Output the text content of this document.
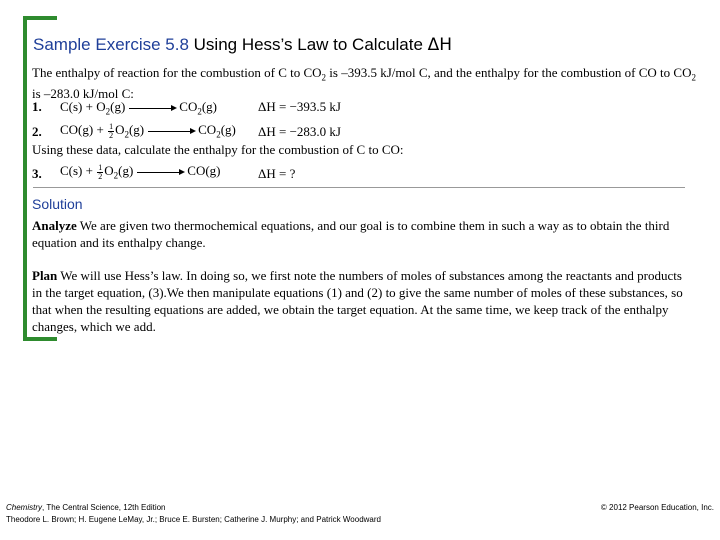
Sample Exercise 5.8 Using Hess’s Law to Calculate ΔH
The enthalpy of reaction for the combustion of C to $CO_2$ is –393.5 kJ/mol C, and the enthalpy for the combustion of CO to $CO_2$ is –283.0 kJ/mol C:
1. $C(s) + O_2(g) \to CO_2(g)$	ΔH = −393.5 kJ
2. $CO(g) + \frac{1}{2} O_2(g) \to CO_2(g) \Delta H = -283.0$ kJ
Using these data, calculate the enthalpy for the combustion of C to CO:
3. $C(s) + \frac{1}{2} O_2(g) \to CO(g)$	ΔH = ?
Solution
Analyze We are given two thermochemical equations, and our goal is to combine them in such a way as to obtain the third equation and its enthalpy change.
Plan We will use Hess’s law. In doing so, we first note the numbers of moles of substances among the reactants and products in the target equation, (3).We then manipulate equations (1) and (2) to give the same number of moles of these substances, so that when the resulting equations are added, we obtain the target equation. At the same time, we keep track of the enthalpy changes, which we add.
Chemistry, The Central Science, 12th Edition
Theodore L. Brown; H. Eugene LeMay, Jr.; Bruce E. Bursten; Catherine J. Murphy; and Patrick Woodward
© 2012 Pearson Education, Inc.
